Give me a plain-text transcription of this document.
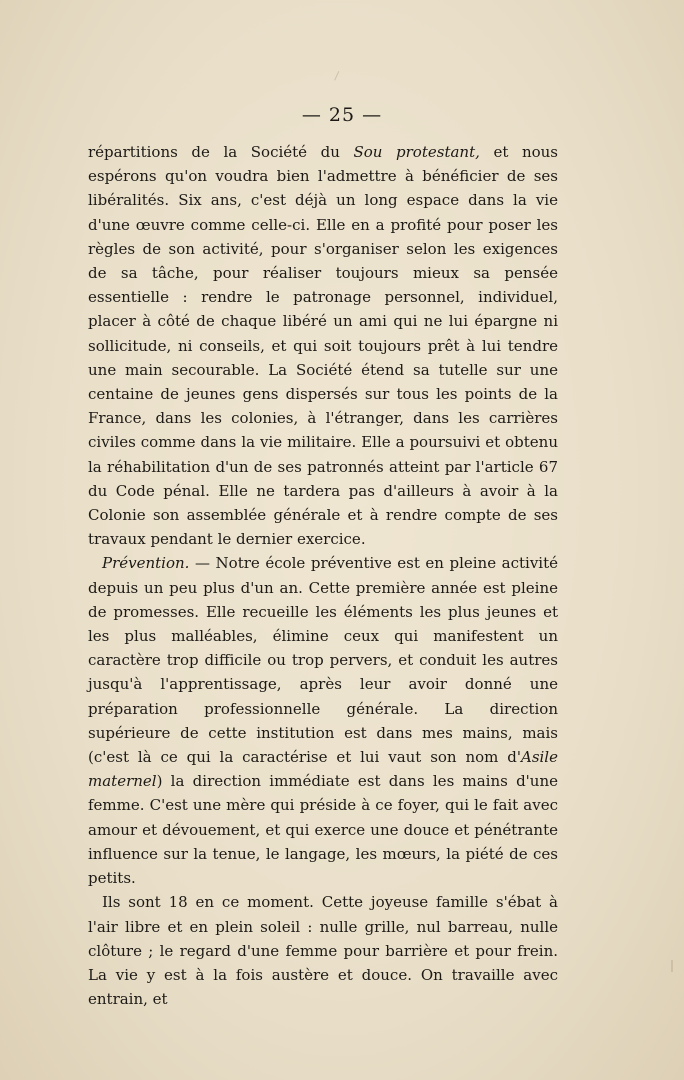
— 25 —

répartitions de la Société du Sou protestant, et nous espérons qu'on voudra bien l'admettre à bénéficier de ses libéralités. Six ans, c'est déjà un long espace dans la vie d'une œuvre comme celle-ci. Elle en a profité pour poser les règles de son activité, pour s'organiser selon les exigences de sa tâche, pour réaliser toujours mieux sa pensée essentielle : rendre le patronage personnel, individuel, placer à côté de chaque libéré un ami qui ne lui épargne ni sollicitude, ni conseils, et qui soit toujours prêt à lui tendre une main secourable. La Société étend sa tutelle sur une centaine de jeunes gens dispersés sur tous les points de la France, dans les colonies, à l'étranger, dans les carrières civiles comme dans la vie militaire. Elle a poursuivi et obtenu la réhabilitation d'un de ses patronnés atteint par l'article 67 du Code pénal. Elle ne tardera pas d'ailleurs à avoir à la Colonie son assemblée générale et à rendre compte de ses travaux pendant le dernier exercice.

Prévention. — Notre école préventive est en pleine activité depuis un peu plus d'un an. Cette première année est pleine de promesses. Elle recueille les éléments les plus jeunes et les plus malléables, élimine ceux qui manifestent un caractère trop difficile ou trop pervers, et conduit les autres jusqu'à l'apprentissage, après leur avoir donné une préparation professionnelle générale. La direction supérieure de cette institution est dans mes mains, mais (c'est là ce qui la caractérise et lui vaut son nom d'Asile maternel) la direction immédiate est dans les mains d'une femme. C'est une mère qui préside à ce foyer, qui le fait avec amour et dévouement, et qui exerce une douce et pénétrante influence sur la tenue, le langage, les mœurs, la piété de ces petits.

Ils sont 18 en ce moment. Cette joyeuse famille s'ébat à l'air libre et en plein soleil : nulle grille, nul barreau, nulle clôture ; le regard d'une femme pour barrière et pour frein. La vie y est à la fois austère et douce. On travaille avec entrain, et
